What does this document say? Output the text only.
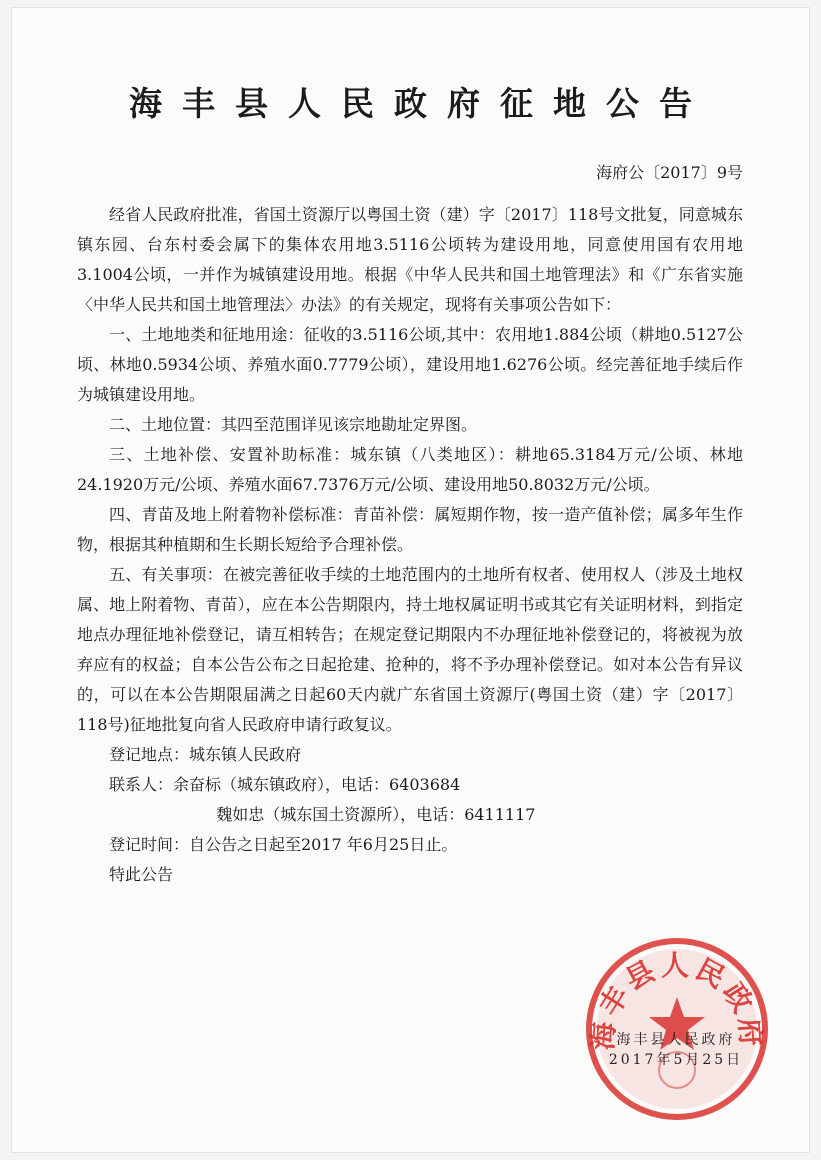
海丰县人民政府征地公告
海府公〔2017〕9号

经省人民政府批准，省国土资源厅以粤国土资（建）字〔2017〕118号文批复，同意城东镇东园、台东村委会属下的集体农用地3.5116公顷转为建设用地，同意使用国有农用地3.1004公顷，一并作为城镇建设用地。根据《中华人民共和国土地管理法》和《广东省实施〈中华人民共和国土地管理法〉办法》的有关规定，现将有关事项公告如下：

一、土地地类和征地用途：征收的3.5116公顷,其中：农用地1.884公顷（耕地0.5127公顷、林地0.5934公顷、养殖水面0.7779公顷），建设用地1.6276公顷。经完善征地手续后作为城镇建设用地。

二、土地位置：其四至范围详见该宗地勘址定界图。

三、土地补偿、安置补助标准：城东镇（八类地区）：耕地65.3184万元/公顷、林地24.1920万元/公顷、养殖水面67.7376万元/公顷、建设用地50.8032万元/公顷。

四、青苗及地上附着物补偿标准：青苗补偿：属短期作物，按一造产值补偿；属多年生作物，根据其种植期和生长期长短给予合理补偿。

五、有关事项：在被完善征收手续的土地范围内的土地所有权者、使用权人（涉及土地权属、地上附着物、青苗），应在本公告期限内，持土地权属证明书或其它有关证明材料，到指定地点办理征地补偿登记，请互相转告；在规定登记期限内不办理征地补偿登记的，将被视为放弃应有的权益；自本公告公布之日起抢建、抢种的，将不予办理补偿登记。如对本公告有异议的，可以在本公告期限届满之日起60天内就广东省国土资源厅(粤国土资（建）字〔2017〕118号)征地批复向省人民政府申请行政复议。

登记地点：城东镇人民政府

联系人：余奋标（城东镇政府），电话：6403684

魏如忠（城东国土资源所），电话：6411117

登记时间：自公告之日起至2017 年6月25日止。

特此公告

海丰县人民政府
海丰县人民政府
2017年5月25日
